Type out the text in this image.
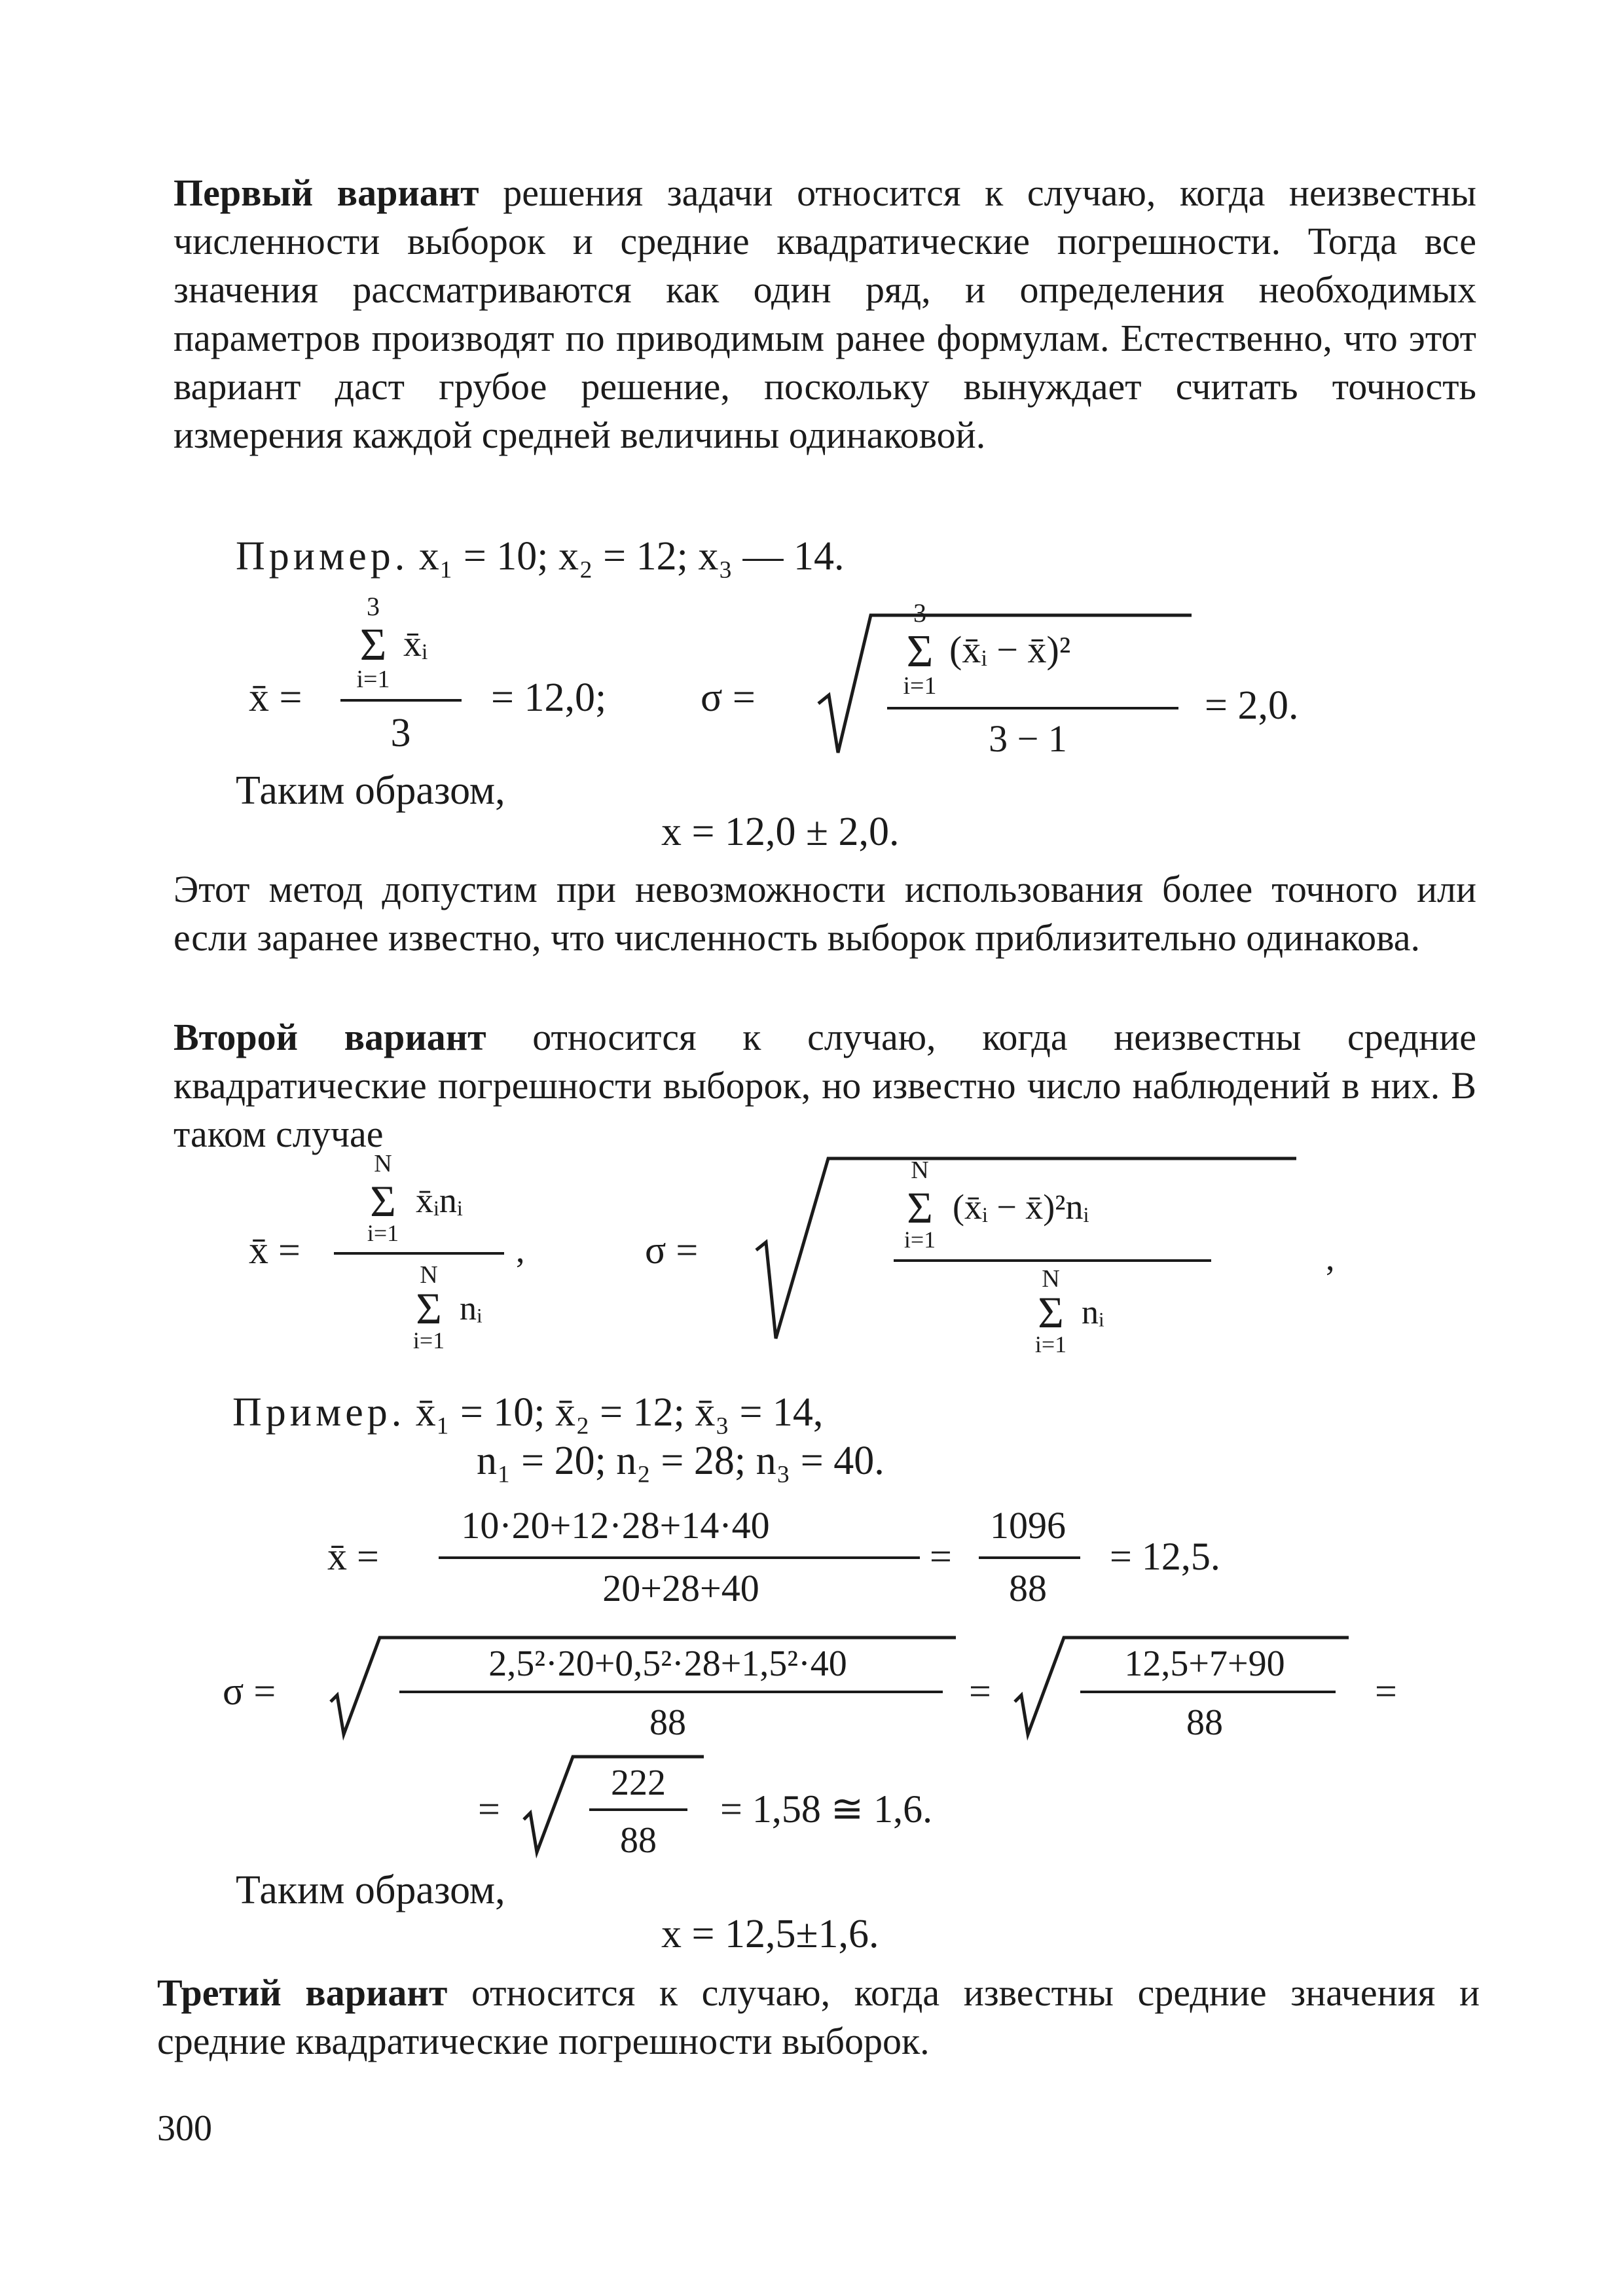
Первый вариант решения задачи относится к случаю, когда неизвестны численности выборок и средние квадратические погрешности. Тогда все значения рассматриваются как один ряд, и определения необходимых параметров производят по приводимым ранее формулам. Естественно, что этот вариант даст грубое решение, поскольку вынуждает считать точность измерения каждой средней величины одинаковой.

Пример. x₁ = 10; x₂ = 12; x₃ — 14.
3
Σ x̄ᵢ
i=1
x̄ =
3
= 12,0; σ =
3
Σ (x̄ᵢ − x̄)²
i=1
3 − 1
= 2,0.
Таким образом,
x = 12,0 ± 2,0.

Этот метод допустим при невозможности использования более точного или если заранее известно, что численность выборок приблизительно одинакова.

Второй вариант относится к случаю, когда неизвестны средние квадратические погрешности выборок, но известно число наблюдений в них. В таком случае

x̄ =
N
Σ x̄ᵢnᵢ
i=1	,
N
Σ nᵢ
i=1
σ =
N
Σ (x̄ᵢ − x̄)²nᵢ
i=1
N
Σ nᵢ
i=1
,
Пример. x̄₁ = 10; x̄₂ = 12; x̄₃ = 14,
n₁ = 20; n₂ = 28; n₃ = 40.
x̄ =
10·20+12·28+14·40
20+28+40
=
1096
88
= 12,5.
σ =
2,5²·20+0,5²·28+1,5²·40
88
=
12,5+7+90
88
=
=
222
88
= 1,58 ≅ 1,6.
Таким образом,
x = 12,5±1,6.

Третий вариант относится к случаю, когда известны средние значения и средние квадратические погрешности выборок.

300
